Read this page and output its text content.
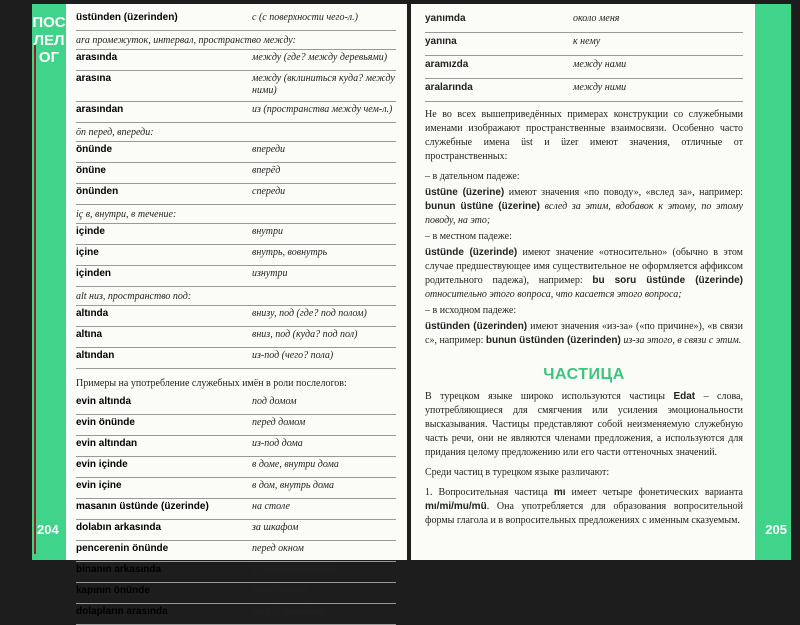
ПОСЛЕЛОГ
204
üstünden (üzerinden)	с (с поверхности чего-л.)
ara промежуток, интервал, пространство между:
arasında	между (где? между деревьями)
arasına	между (вклиниться куда? между ними)
arasından	из (пространства между чем-л.)
ön перед, впереди:
önünde	впереди
önüne	вперёд
önünden	спереди
iç в, внутри, в течение:
içinde	внутри
içine	внутрь, вовнутрь
içinden	изнутри
alt низ, пространство под:
altında	внизу, под (где? под полом)
altına	вниз, под (куда? под пол)
altından	из-под (чего? пола)
Примеры на употребление служебных имён в роли послелогов:
evin altında	под домом
evin önünde	перед домом
evin altından	из-под дома
evin içinde	в доме, внутри дома
evin içine	в дом, внутрь дома
masanın üstünde (üzerinde)	на столе
dolabın arkasında	за шкафом
pencerenin önünde	перед окном
binanın arkasında	за домом (зданием)
kapının önünde	перед дверью
dolapların arasında	между шкафами
yanımda	около меня
yanına	к нему
aramızda	между нами
aralarında	между ними

Не во всех вышеприведённых примерах конструкции со служебными именами изображают пространственные взаимосвязи. Особенно часто служебные имена üst и üzer имеют значения, отличные от пространственных:

– в дательном падеже:

üstüne (üzerine) имеют значения «по поводу», «вслед за», например: bunun üstüne (üzerine) вслед за этим, вдобавок к этому, по этому поводу, на это;

– в местном падеже:

üstünde (üzerinde) имеют значение «относительно» (обычно в этом случае предшествующее имя существительное не оформляется аффиксом родительного падежа), например: bu soru üstünde (üzerinde) относительно этого вопроса, что касается этого вопроса;

– в исходном падеже:

üstünden (üzerinden) имеют значения «из-за» («по причине»), «в связи с», например: bunun üstünden (üzerinden) из-за этого, в связи с этим.

ЧАСТИЦА

В турецком языке широко используются частицы Edat – слова, употребляющиеся для смягчения или усиления эмоциональности высказывания. Частицы представляют собой неизменяемую служебную часть речи, они не являются членами предложения, а используются для придания целому предложению или его части оттеночных значений.

Среди частиц в турецком языке различают:

1. Вопросительная частица mı имеет четыре фонетических варианта mı/mi/mu/mü. Она употребляется для образования вопросительной формы глагола и в вопросительных предложениях с именным сказуемым.

205
